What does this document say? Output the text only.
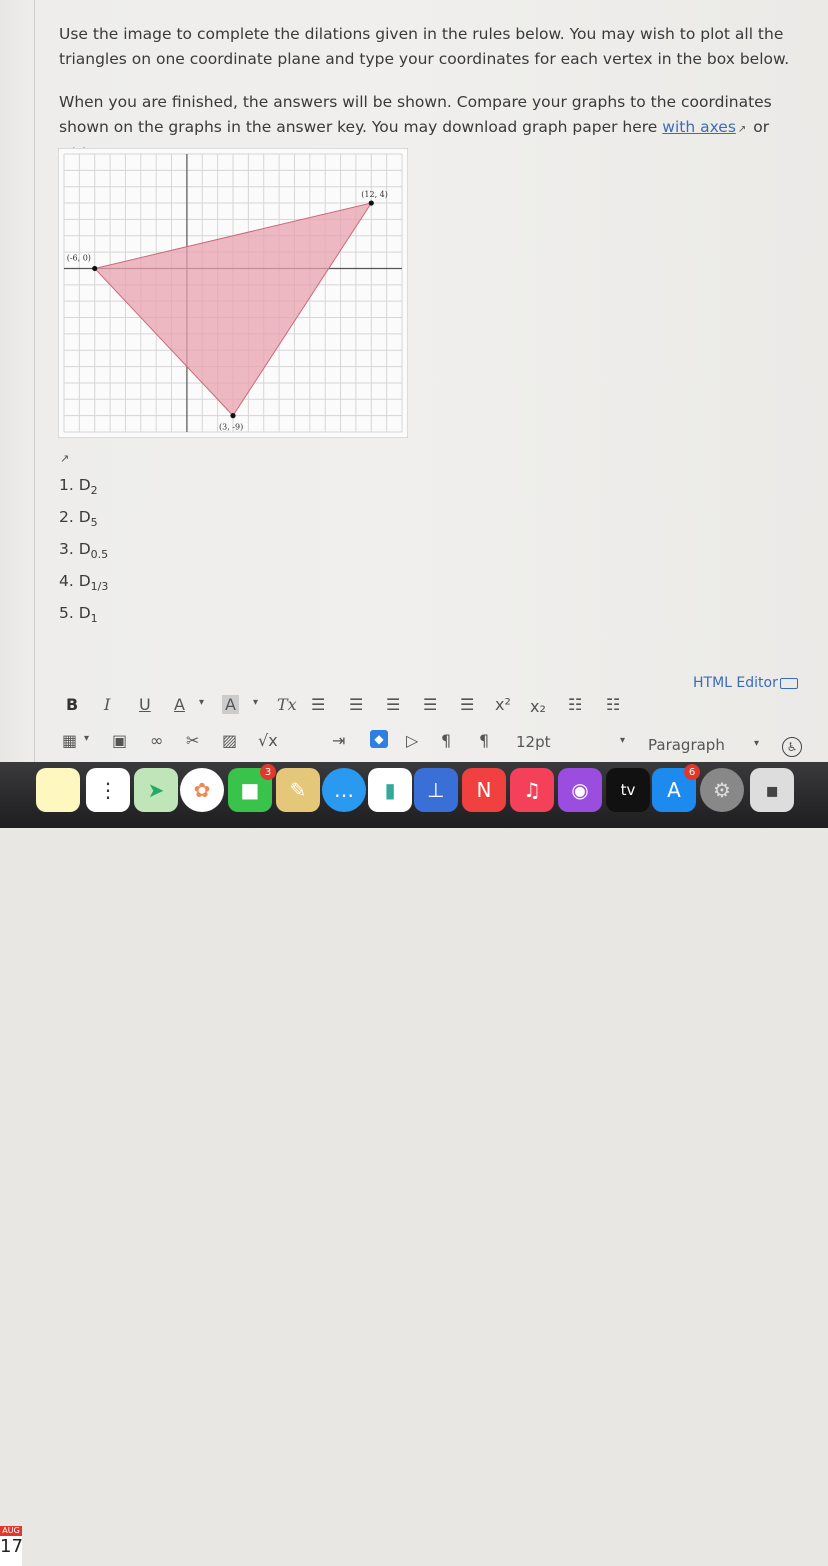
Use the image to complete the dilations given in the rules below. You may wish to plot all the triangles on one coordinate plane and type your coordinates for each vertex in the box below.

When you are finished, the answers will be shown. Compare your graphs to the coordinates shown on the graphs in the answer key. You may download graph paper here with axes ↗ or

(-6, 0)
(12, 4)
(3, -9)
↗
1. $D_2$
2. $D_5$
3. $D_{0.5}$
4. $D_{1/3}$
5. $D_1$
HTML Editor
B I U A ▾ A	▾ Tx ☰ ☰ ☰ ☰ ☰ x² x₂ ☷ ☷
▦ ▾ ▣ ∞ ✂ ▨ √x	⇥	◆ ▷ ¶ ¶ 12pt	▾ Paragraph	▾	♿
AUG
17
⋮	➤	✿	■
3
✎	…	▮	⊥	N	♫	◉	tv	A
6
⚙	▪
